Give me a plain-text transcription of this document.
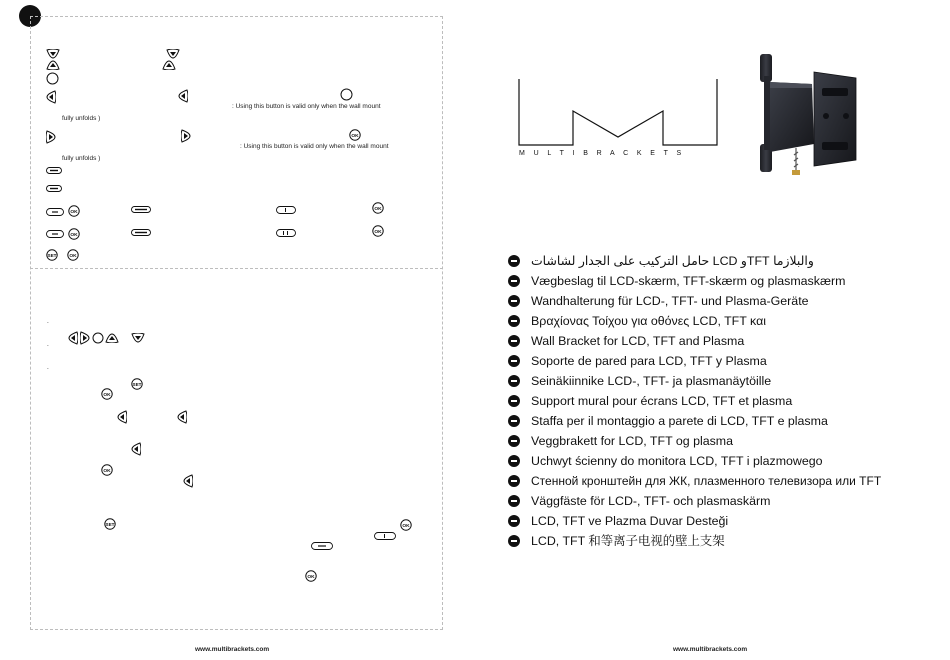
: Using this button is valid only when the wall mount
fully unfolds )
OK
: Using this button is valid only when the wall mount
fully unfolds )
OK
OK
OK
OK
SET	OK
.
.
.
SET
OK
OK
SET	OK
OK
www.multibrackets.com
M U L T I B R A C K E T S
والبلازما TFTو LCD حامل التركيب على الجدار لشاشات
Vægbeslag til LCD-skærm, TFT-skærm og plasmaskærm
Wandhalterung für LCD-, TFT- und Plasma-Geräte
Βραχίονας Τοίχου για οθόνες LCD, TFT και
Wall Bracket for LCD, TFT and Plasma
Soporte de pared para LCD, TFT y Plasma
Seinäkiinnike LCD-, TFT- ja plasmanäytöille
Support mural pour écrans LCD, TFT et plasma
Staffa per il montaggio a parete di LCD, TFT e plasma
Veggbrakett for LCD, TFT og plasma
Uchwyt ścienny do monitora LCD, TFT i plazmowego
Стенной кронштейн для ЖК, плазменного телевизора или TFT
Väggfäste för LCD-, TFT- och plasmaskärm
LCD, TFT ve Plazma Duvar Desteği
LCD, TFT 和等离子电视的壁上支架
www.multibrackets.com
